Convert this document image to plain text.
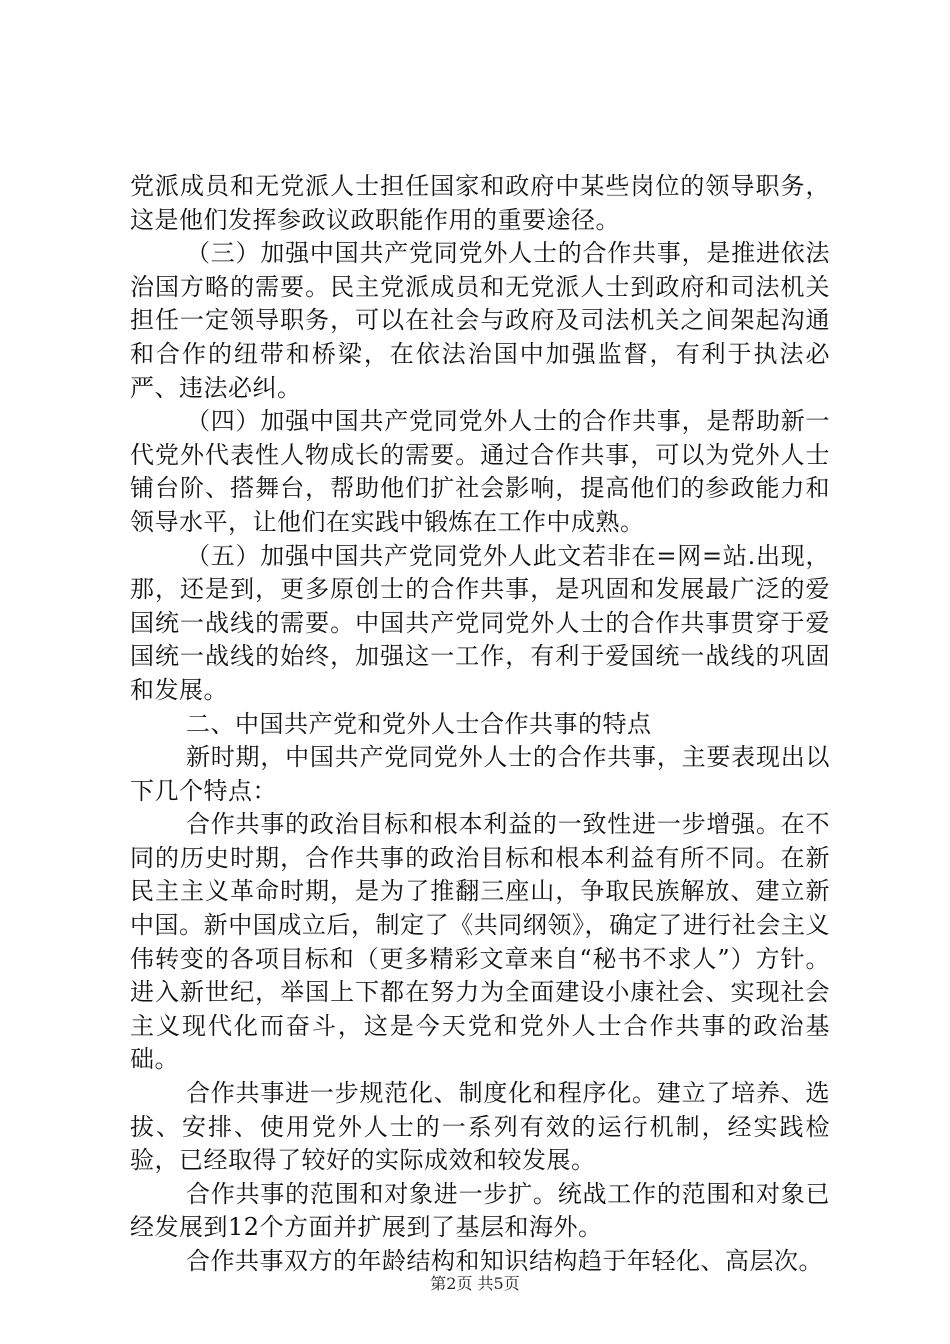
党派成员和无党派人士担任国家和政府中某些岗位的领导职务，这是他们发挥参政议政职能作用的重要途径。

（三）加强中国共产党同党外人士的合作共事，是推进依法治国方略的需要。民主党派成员和无党派人士到政府和司法机关担任一定领导职务，可以在社会与政府及司法机关之间架起沟通和合作的纽带和桥梁，在依法治国中加强监督，有利于执法必严、违法必纠。

（四）加强中国共产党同党外人士的合作共事，是帮助新一代党外代表性人物成长的需要。通过合作共事，可以为党外人士铺台阶、搭舞台，帮助他们扩社会影响，提高他们的参政能力和领导水平，让他们在实践中锻炼在工作中成熟。

（五）加强中国共产党同党外人此文若非在=网=站.出现，那，还是到，更多原创士的合作共事，是巩固和发展最广泛的爱国统一战线的需要。中国共产党同党外人士的合作共事贯穿于爱国统一战线的始终，加强这一工作，有利于爱国统一战线的巩固和发展。

二、中国共产党和党外人士合作共事的特点

新时期，中国共产党同党外人士的合作共事，主要表现出以下几个特点：

合作共事的政治目标和根本利益的一致性进一步增强。在不同的历史时期，合作共事的政治目标和根本利益有所不同。在新民主主义革命时期，是为了推翻三座山，争取民族解放、建立新中国。新中国成立后，制定了《共同纲领》，确定了进行社会主义伟转变的各项目标和（更多精彩文章来自“秘书不求人”）方针。进入新世纪，举国上下都在努力为全面建设小康社会、实现社会主义现代化而奋斗，这是今天党和党外人士合作共事的政治基础。

合作共事进一步规范化、制度化和程序化。建立了培养、选拔、安排、使用党外人士的一系列有效的运行机制，经实践检验，已经取得了较好的实际成效和较发展。

合作共事的范围和对象进一步扩。统战工作的范围和对象已经发展到12个方面并扩展到了基层和海外。

合作共事双方的年龄结构和知识结构趋于年轻化、高层次。

第2页 共5页
